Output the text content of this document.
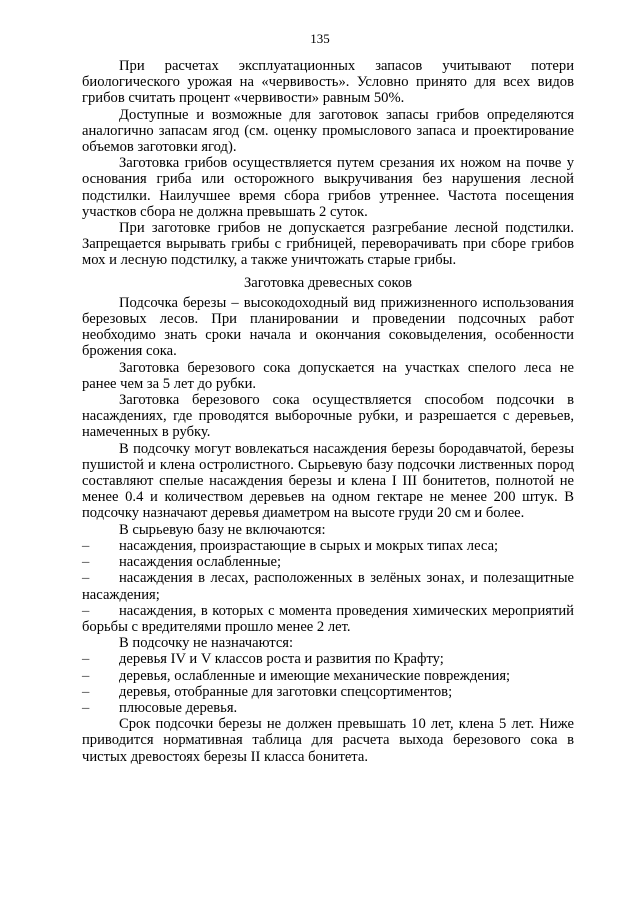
135

При расчетах эксплуатационных запасов учитывают потери биологического урожая на «червивость». Условно принято для всех видов грибов считать процент «червивости» равным 50%.

Доступные и возможные для заготовок запасы грибов определяются аналогично запасам ягод (см. оценку промыслового запаса и проектирование объемов заготовки ягод).

Заготовка грибов осуществляется путем срезания их ножом на почве у основания гриба или осторожного выкручивания без нарушения лесной подстилки. Наилучшее время сбора грибов утреннее. Частота посещения участков сбора не должна превышать 2 суток.

При заготовке грибов не допускается разгребание лесной подстилки. Запрещается вырывать грибы с грибницей, переворачивать при сборе грибов мох и лесную подстилку, а также уничтожать старые грибы.

Заготовка древесных соков

Подсочка березы – высокодоходный вид прижизненного использования березовых лесов. При планировании и проведении подсочных работ необходимо знать сроки начала и окончания соковыделения, особенности брожения сока.

Заготовка березового сока допускается на участках спелого леса не ранее чем за 5 лет до рубки.

Заготовка березового сока осуществляется способом подсочки в насаждениях, где проводятся выборочные рубки, и разрешается с деревьев, намеченных в рубку.

В подсочку могут вовлекаться насаждения березы бородавчатой, березы пушистой и клена остролистного. Сырьевую базу подсочки лиственных пород составляют спелые насаждения березы и клена I III бонитетов, полнотой не менее 0.4 и количеством деревьев на одном гектаре не менее 200 штук. В подсочку назначают деревья диаметром на высоте груди 20 см и более.

В сырьевую базу не включаются:

– насаждения, произрастающие в сырых и мокрых типах леса;

– насаждения ослабленные;

– насаждения в лесах, расположенных в зелёных зонах, и полезащитные насаждения;

– насаждения, в которых с момента проведения химических мероприятий борьбы с вредителями прошло менее 2 лет.

В подсочку не назначаются:

– деревья IV и V классов роста и развития по Крафту;

– деревья, ослабленные и имеющие механические повреждения;

– деревья, отобранные для заготовки спецсортиментов;

– плюсовые деревья.

Срок подсочки березы не должен превышать 10 лет, клена 5 лет. Ниже приводится нормативная таблица для расчета выхода березового сока в чистых древостоях березы II класса бонитета.
